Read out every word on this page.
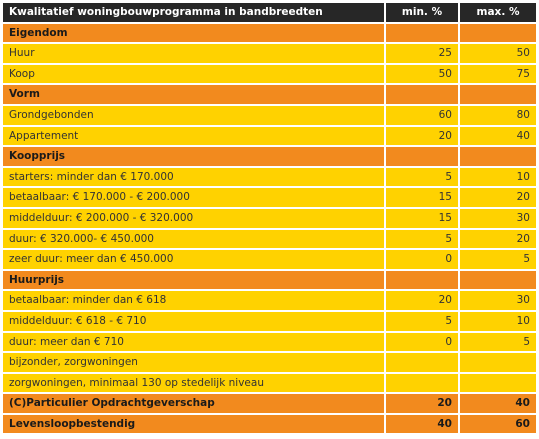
Kwalitatief woningbouwprogramma in bandbreedten	min. %	max. %
Eigendom
Huur	25	50
Koop	50	75
Vorm
Grondgebonden	60	80
Appartement	20	40
Koopprijs
starters: minder dan € 170.000	5	10
betaalbaar: € 170.000 - € 200.000	15	20
middelduur: € 200.000 - € 320.000	15	30
duur: € 320.000- € 450.000	5	20
zeer duur: meer dan € 450.000	0	5
Huurprijs
betaalbaar: minder dan € 618	20	30
middelduur: € 618 - € 710	5	10
duur: meer dan € 710	0	5
bijzonder, zorgwoningen
zorgwoningen, minimaal 130 op stedelijk niveau
(C)Particulier Opdrachtgeverschap	20	40
Levensloopbestendig	40	60
